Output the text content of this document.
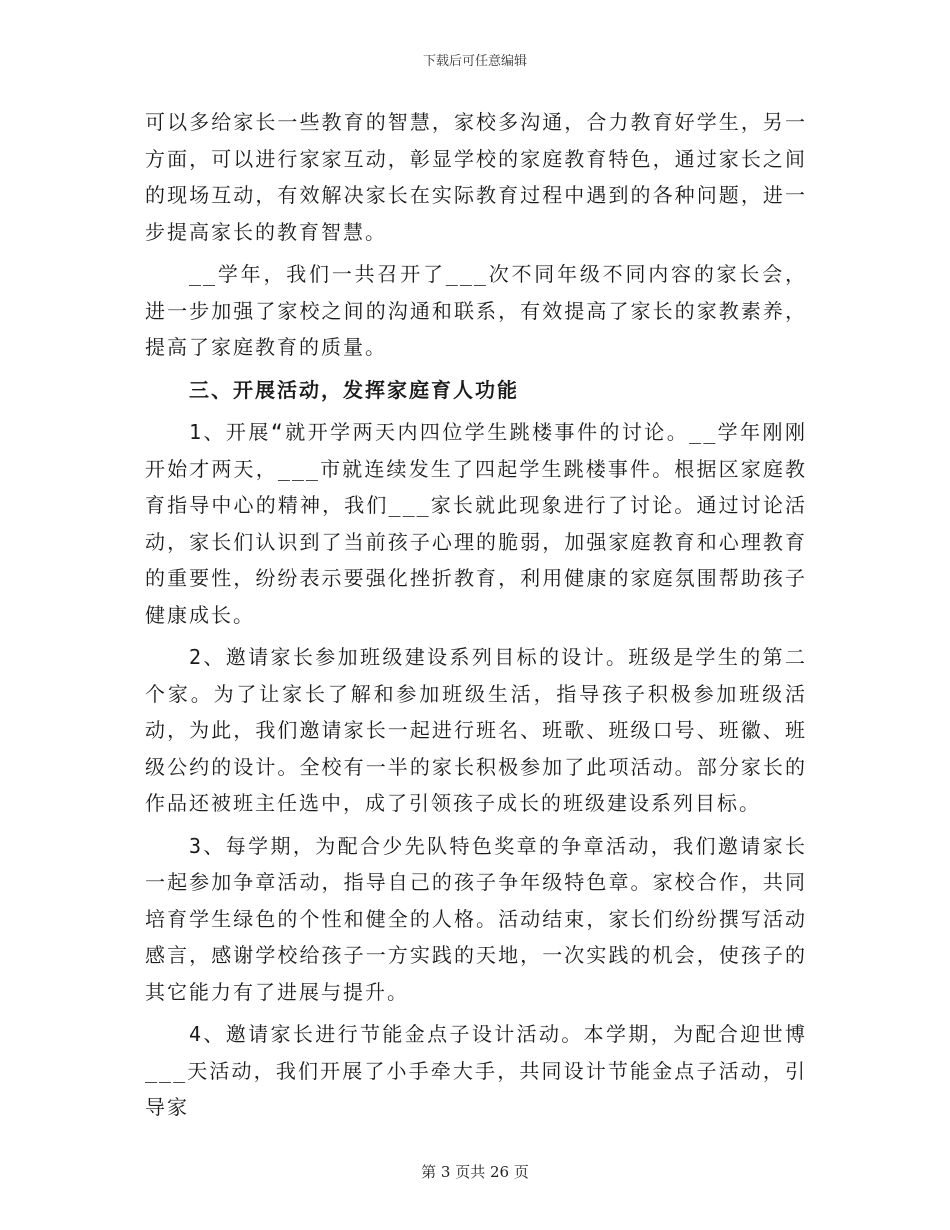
下载后可任意编辑

可以多给家长一些教育的智慧，家校多沟通，合力教育好学生，另一方面，可以进行家家互动，彰显学校的家庭教育特色，通过家长之间的现场互动，有效解决家长在实际教育过程中遇到的各种问题，进一步提高家长的教育智慧。

__学年，我们一共召开了___次不同年级不同内容的家长会，进一步加强了家校之间的沟通和联系，有效提高了家长的家教素养，提高了家庭教育的质量。

三、开展活动，发挥家庭育人功能

1、开展“就开学两天内四位学生跳楼事件的讨论。__学年刚刚开始才两天，___市就连续发生了四起学生跳楼事件。根据区家庭教育指导中心的精神，我们___家长就此现象进行了讨论。通过讨论活动，家长们认识到了当前孩子心理的脆弱，加强家庭教育和心理教育的重要性，纷纷表示要强化挫折教育，利用健康的家庭氛围帮助孩子健康成长。

2、邀请家长参加班级建设系列目标的设计。班级是学生的第二个家。为了让家长了解和参加班级生活，指导孩子积极参加班级活动，为此，我们邀请家长一起进行班名、班歌、班级口号、班徽、班级公约的设计。全校有一半的家长积极参加了此项活动。部分家长的作品还被班主任选中，成了引领孩子成长的班级建设系列目标。

3、每学期，为配合少先队特色奖章的争章活动，我们邀请家长一起参加争章活动，指导自己的孩子争年级特色章。家校合作，共同培育学生绿色的个性和健全的人格。活动结束，家长们纷纷撰写活动感言，感谢学校给孩子一方实践的天地，一次实践的机会，使孩子的其它能力有了进展与提升。

4、邀请家长进行节能金点子设计活动。本学期，为配合迎世博___天活动，我们开展了小手牵大手，共同设计节能金点子活动，引导家

第 3 页共 26 页
